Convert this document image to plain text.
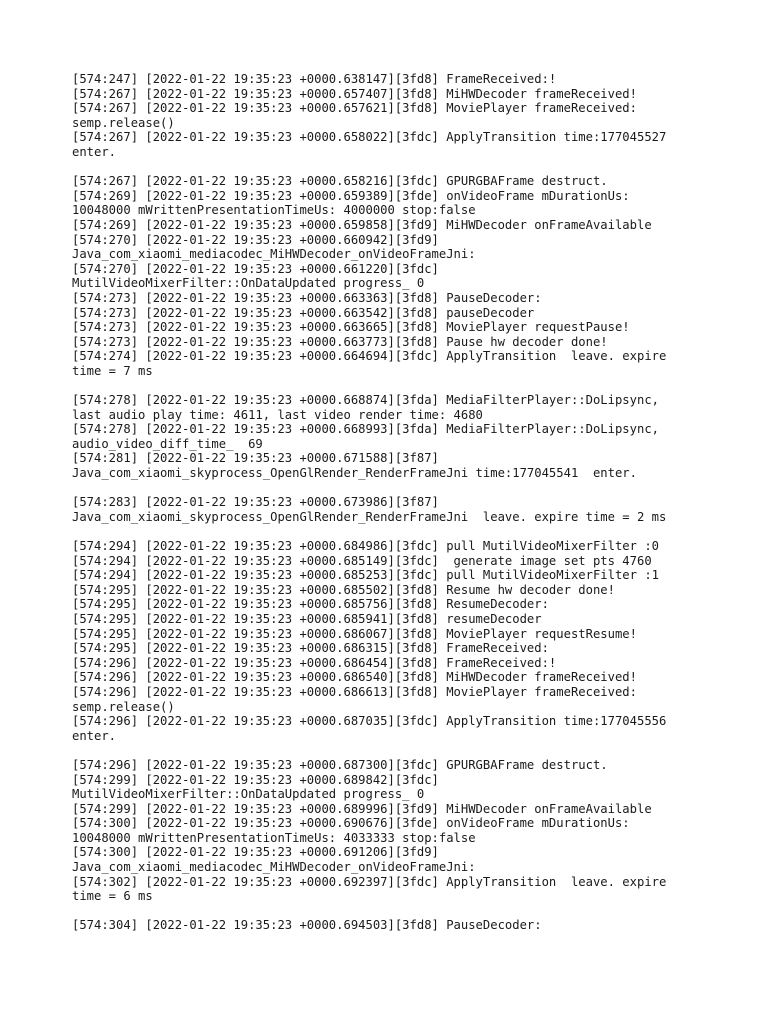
[574:247] [2022-01-22 19:35:23 +0000.638147][3fd8] FrameReceived:!
[574:267] [2022-01-22 19:35:23 +0000.657407][3fd8] MiHWDecoder frameReceived!
[574:267] [2022-01-22 19:35:23 +0000.657621][3fd8] MoviePlayer frameReceived:
semp.release()
[574:267] [2022-01-22 19:35:23 +0000.658022][3fdc] ApplyTransition time:177045527
enter.
[574:267] [2022-01-22 19:35:23 +0000.658216][3fdc] GPURGBAFrame destruct.
[574:269] [2022-01-22 19:35:23 +0000.659389][3fde] onVideoFrame mDurationUs:
10048000 mWrittenPresentationTimeUs: 4000000 stop:false
[574:269] [2022-01-22 19:35:23 +0000.659858][3fd9] MiHWDecoder onFrameAvailable
[574:270] [2022-01-22 19:35:23 +0000.660942][3fd9]
Java_com_xiaomi_mediacodec_MiHWDecoder_onVideoFrameJni:
[574:270] [2022-01-22 19:35:23 +0000.661220][3fdc]
MutilVideoMixerFilter::OnDataUpdated progress_ 0
[574:273] [2022-01-22 19:35:23 +0000.663363][3fd8] PauseDecoder:
[574:273] [2022-01-22 19:35:23 +0000.663542][3fd8] pauseDecoder
[574:273] [2022-01-22 19:35:23 +0000.663665][3fd8] MoviePlayer requestPause!
[574:273] [2022-01-22 19:35:23 +0000.663773][3fd8] Pause hw decoder done!
[574:274] [2022-01-22 19:35:23 +0000.664694][3fdc] ApplyTransition  leave. expire
time = 7 ms
[574:278] [2022-01-22 19:35:23 +0000.668874][3fda] MediaFilterPlayer::DoLipsync,
last audio play time: 4611, last video render time: 4680
[574:278] [2022-01-22 19:35:23 +0000.668993][3fda] MediaFilterPlayer::DoLipsync,
audio_video_diff_time_  69
[574:281] [2022-01-22 19:35:23 +0000.671588][3f87]
Java_com_xiaomi_skyprocess_OpenGlRender_RenderFrameJni time:177045541  enter.
[574:283] [2022-01-22 19:35:23 +0000.673986][3f87]
Java_com_xiaomi_skyprocess_OpenGlRender_RenderFrameJni  leave. expire time = 2 ms
[574:294] [2022-01-22 19:35:23 +0000.684986][3fdc] pull MutilVideoMixerFilter :0
[574:294] [2022-01-22 19:35:23 +0000.685149][3fdc]  generate image set pts 4760
[574:294] [2022-01-22 19:35:23 +0000.685253][3fdc] pull MutilVideoMixerFilter :1
[574:295] [2022-01-22 19:35:23 +0000.685502][3fd8] Resume hw decoder done!
[574:295] [2022-01-22 19:35:23 +0000.685756][3fd8] ResumeDecoder:
[574:295] [2022-01-22 19:35:23 +0000.685941][3fd8] resumeDecoder
[574:295] [2022-01-22 19:35:23 +0000.686067][3fd8] MoviePlayer requestResume!
[574:295] [2022-01-22 19:35:23 +0000.686315][3fd8] FrameReceived:
[574:296] [2022-01-22 19:35:23 +0000.686454][3fd8] FrameReceived:!
[574:296] [2022-01-22 19:35:23 +0000.686540][3fd8] MiHWDecoder frameReceived!
[574:296] [2022-01-22 19:35:23 +0000.686613][3fd8] MoviePlayer frameReceived:
semp.release()
[574:296] [2022-01-22 19:35:23 +0000.687035][3fdc] ApplyTransition time:177045556
enter.
[574:296] [2022-01-22 19:35:23 +0000.687300][3fdc] GPURGBAFrame destruct.
[574:299] [2022-01-22 19:35:23 +0000.689842][3fdc]
MutilVideoMixerFilter::OnDataUpdated progress_ 0
[574:299] [2022-01-22 19:35:23 +0000.689996][3fd9] MiHWDecoder onFrameAvailable
[574:300] [2022-01-22 19:35:23 +0000.690676][3fde] onVideoFrame mDurationUs:
10048000 mWrittenPresentationTimeUs: 4033333 stop:false
[574:300] [2022-01-22 19:35:23 +0000.691206][3fd9]
Java_com_xiaomi_mediacodec_MiHWDecoder_onVideoFrameJni:
[574:302] [2022-01-22 19:35:23 +0000.692397][3fdc] ApplyTransition  leave. expire
time = 6 ms
[574:304] [2022-01-22 19:35:23 +0000.694503][3fd8] PauseDecoder:
